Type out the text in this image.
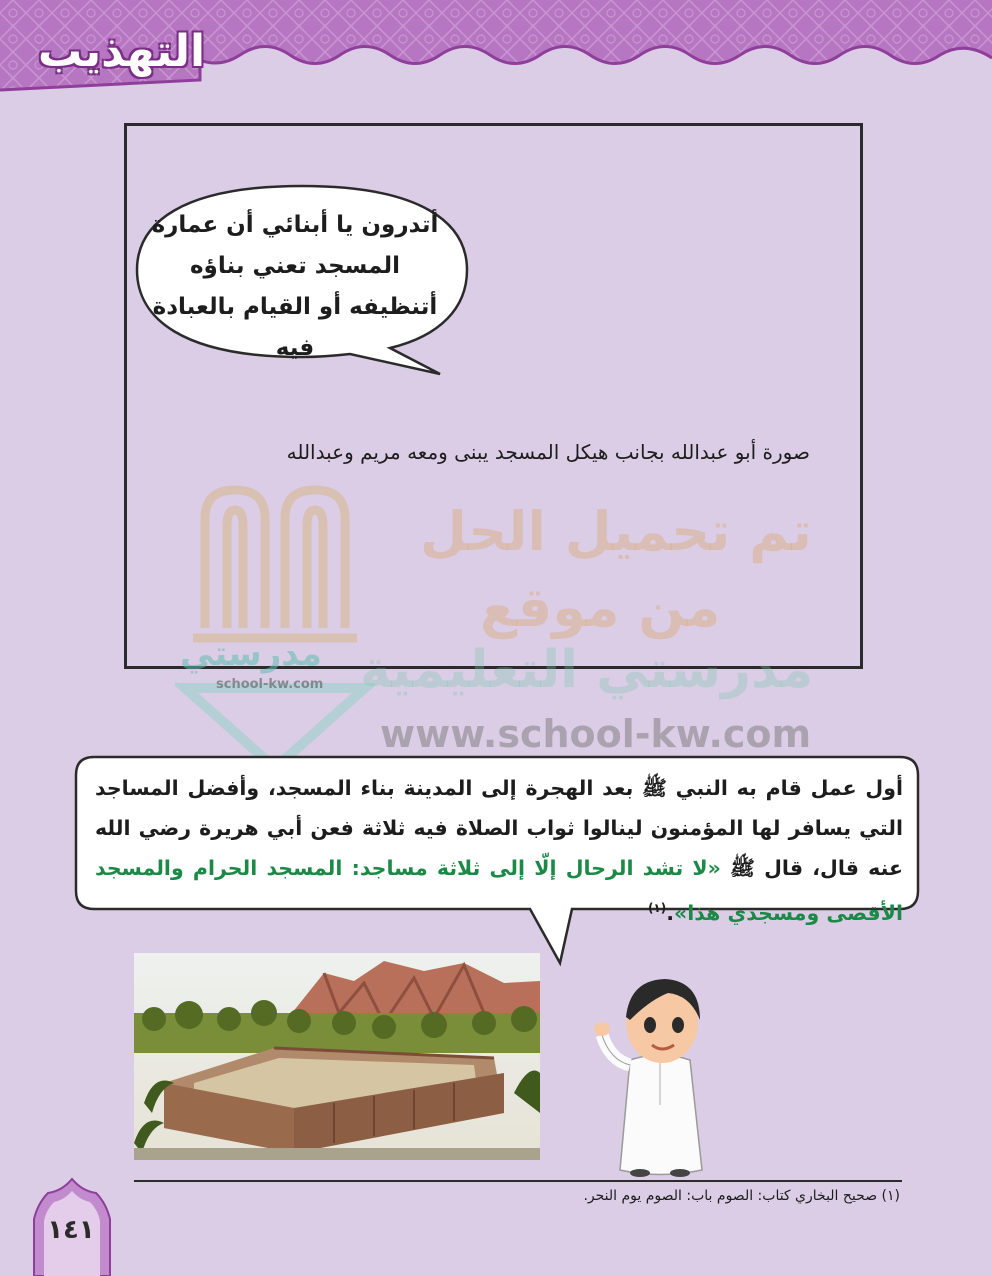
التهذيب
أتدرون يا أبنائي أن عمارة المسجد تعني بناؤه أتنظيفه أو القيام بالعبادة فيه
صورة أبو عبدالله بجانب هيكل المسجد يبنى ومعه مريم وعبدالله
تم تحميل الحل
من موقع
مدرستي التعليمية
www.school-kw.com
مدرستي
school-kw.com
أول عمل قام به النبي ﷺ بعد الهجرة إلى المدينة بناء المسجد، وأفضل المساجد التي يسافر لها المؤمنون لينالوا ثواب الصلاة فيه ثلاثة فعن أبي هريرة رضي الله عنه قال، قال ﷺ «لا تشد الرحال إلّا إلى ثلاثة مساجد: المسجد الحرام والمسجد الأقصى ومسجدي هذا».$^{(١)}$
(١) صحيح البخاري كتاب: الصوم باب: الصوم يوم النحر.
١٤١
